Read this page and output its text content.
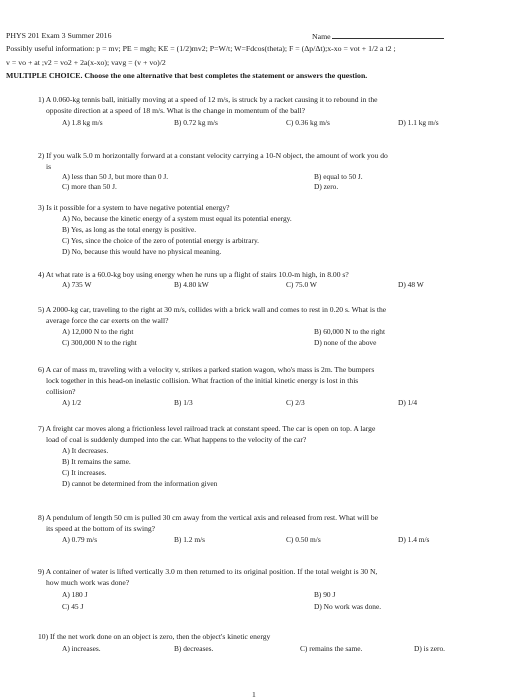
PHYS 201 Exam 3 Summer 2016	Name
Possibly useful information: p = mv; PE = mgh; KE = (1/2)mv2; P=W/t; W=Fdcos(theta); F = (Δp/Δt);x-xo = vot + 1/2 a t2 ;
v = vo + at ;v2 = vo2 + 2a(x-xo); vavg = (v + vo)/2
MULTIPLE CHOICE. Choose the one alternative that best completes the statement or answers the question.
1) A 0.060-kg tennis ball, initially moving at a speed of 12 m/s, is struck by a racket causing it to rebound in the
opposite direction at a speed of 18 m/s. What is the change in momentum of the ball?
A) 1.8 kg m/s	B) 0.72 kg m/s	C) 0.36 kg m/s	D) 1.1 kg m/s
2) If you walk 5.0 m horizontally forward at a constant velocity carrying a 10-N object, the amount of work you do
is
A) less than 50 J, but more than 0 J.	B) equal to 50 J.
C) more than 50 J.	D) zero.
3) Is it possible for a system to have negative potential energy?
A) No, because the kinetic energy of a system must equal its potential energy.
B) Yes, as long as the total energy is positive.
C) Yes, since the choice of the zero of potential energy is arbitrary.
D) No, because this would have no physical meaning.
4) At what rate is a 60.0-kg boy using energy when he runs up a flight of stairs 10.0-m high, in 8.00 s?
A) 735 W	B) 4.80 kW	C) 75.0 W	D) 48 W
5) A 2000-kg car, traveling to the right at 30 m/s, collides with a brick wall and comes to rest in 0.20 s. What is the
average force the car exerts on the wall?
A) 12,000 N to the right	B) 60,000 N to the right
C) 300,000 N to the right	D) none of the above
6) A car of mass m, traveling with a velocity v, strikes a parked station wagon, who's mass is 2m. The bumpers
lock together in this head-on inelastic collision. What fraction of the initial kinetic energy is lost in this
collision?
A) 1/2	B) 1/3	C) 2/3	D) 1/4
7) A freight car moves along a frictionless level railroad track at constant speed. The car is open on top. A large
load of coal is suddenly dumped into the car. What happens to the velocity of the car?
A) It decreases.
B) It remains the same.
C) It increases.
D) cannot be determined from the information given
8) A pendulum of length 50 cm is pulled 30 cm away from the vertical axis and released from rest. What will be
its speed at the bottom of its swing?
A) 0.79 m/s	B) 1.2 m/s	C) 0.50 m/s	D) 1.4 m/s
9) A container of water is lifted vertically 3.0 m then returned to its original position. If the total weight is 30 N,
how much work was done?
A) 180 J	B) 90 J
C) 45 J	D) No work was done.
10) If the net work done on an object is zero, then the object's kinetic energy
A) increases.	B) decreases.	C) remains the same.	D) is zero.
1
